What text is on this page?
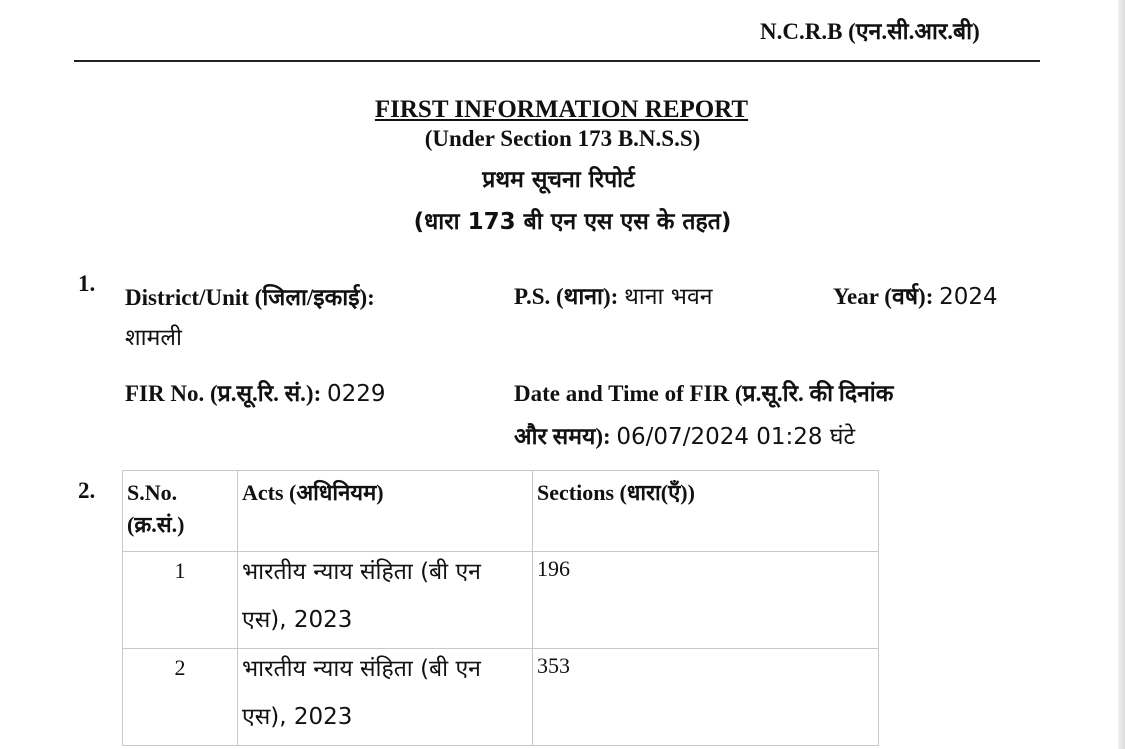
N.C.R.B (एन.सी.आर.बी)
FIRST INFORMATION REPORT
(Under Section 173 B.N.S.S)
प्रथम सूचना रिपोर्ट
(धारा 173 बी एन एस एस के तहत)
1.
District/Unit (जिला/इकाई):
शामली
P.S. (थाना): थाना भवन	Year (वर्ष): 2024
FIR No. (प्र.सू.रि. सं.): 0229	Date and Time of FIR (प्र.सू.रि. की दिनांक
और समय): 06/07/2024 01:28 घंटे
2. S.No.
(क्र.सं.)	Acts (अधिनियम)	Sections (धारा(एँ))

1	भारतीय न्याय संहिता (बी एन एस), 2023	196

2	भारतीय न्याय संहिता (बी एन एस), 2023	353
